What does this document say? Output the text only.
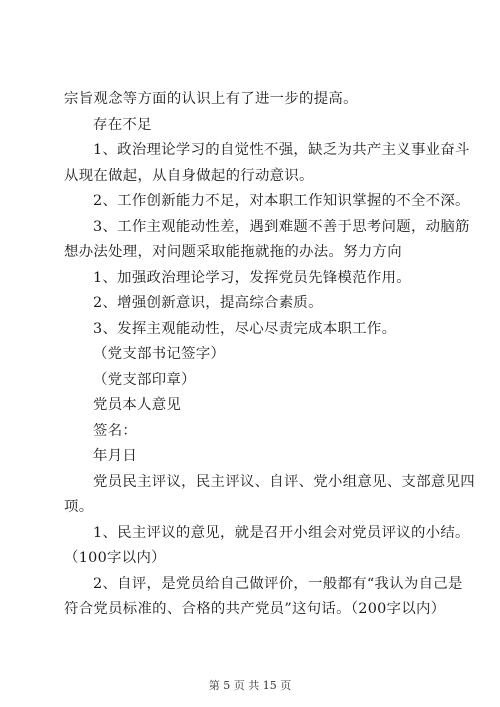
宗旨观念等方面的认识上有了进一步的提高。

存在不足

1、政治理论学习的自觉性不强，缺乏为共产主义事业奋斗

从现在做起，从自身做起的行动意识。

2、工作创新能力不足，对本职工作知识掌握的不全不深。

3、工作主观能动性差，遇到难题不善于思考问题，动脑筋

想办法处理，对问题采取能拖就拖的办法。努力方向

1、加强政治理论学习，发挥党员先锋模范作用。

2、增强创新意识，提高综合素质。

3、发挥主观能动性，尽心尽责完成本职工作。

（党支部书记签字）

（党支部印章）

党员本人意见

签名：

年月日

党员民主评议，民主评议、自评、党小组意见、支部意见四

项。

1、民主评议的意见，就是召开小组会对党员评议的小结。

（100字以内）

2、自评，是党员给自己做评价，一般都有“我认为自己是

符合党员标准的、合格的共产党员”这句话。（200字以内）

第 5 页 共 15 页
